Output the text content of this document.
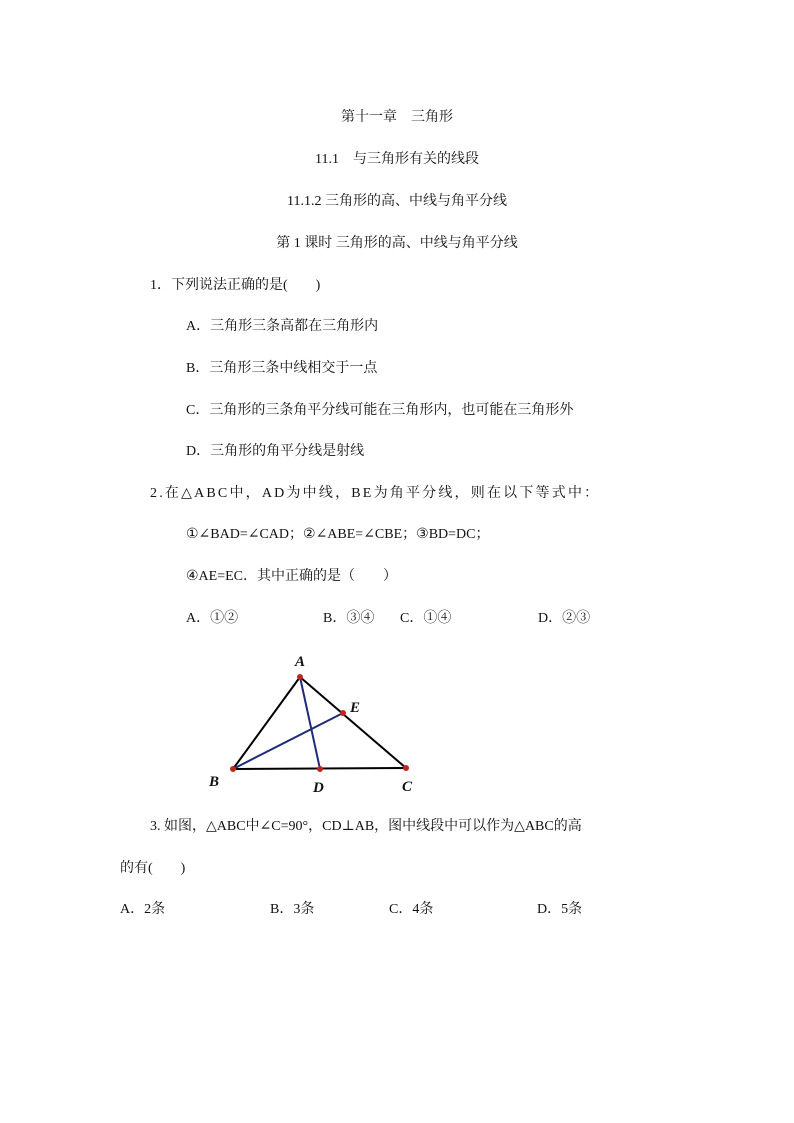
第十一章　三角形
11.1　与三角形有关的线段
11.1.2 三角形的高、中线与角平分线
第 1 课时 三角形的高、中线与角平分线
1．下列说法正确的是(　　)
A．三角形三条高都在三角形内
B．三角形三条中线相交于一点
C．三角形的三条角平分线可能在三角形内，也可能在三角形外
D．三角形的角平分线是射线
2.在△ABC中，AD为中线，BE为角平分线，则在以下等式中：
①∠BAD=∠CAD；②∠ABE=∠CBE；③BD=DC；
④AE=EC．其中正确的是（　　）
A．①②	B．③④ C．①④	D．②③
A
B	C
D
E
3. 如图，△ABC中∠C=90°，CD⊥AB，图中线段中可以作为△ABC的高
的有(　　)
A．2条	B．3条	C．4条	D．5条
